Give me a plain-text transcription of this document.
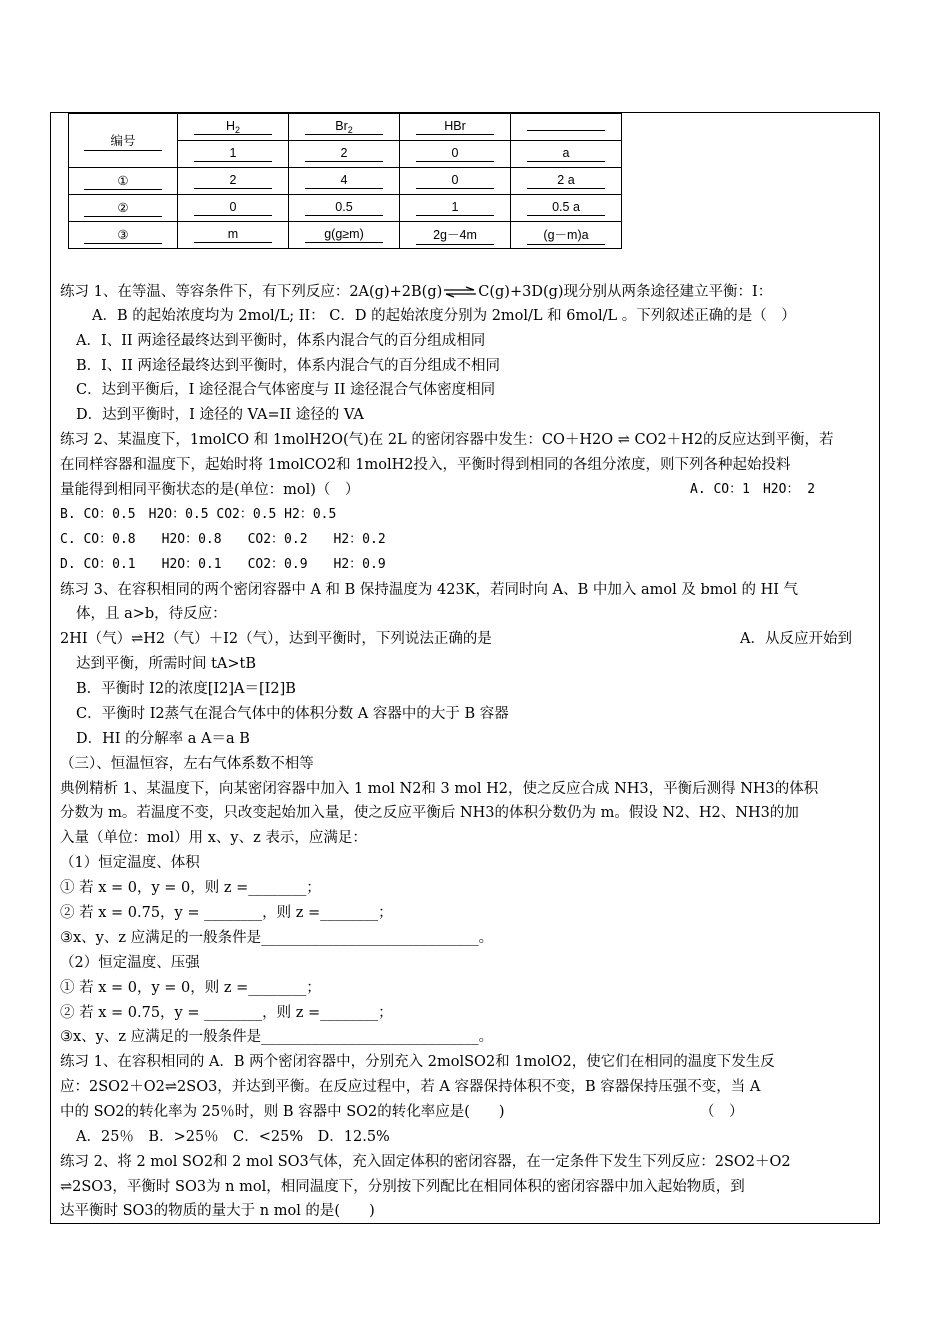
编号	$H_2$	$Br_2$	HBr	
	1	2	0	a
①	2	4	0	2 a
②	0	0.5	1	0.5 a
③	m	g(g≥m)	2g－4m	(g－m)a
练习 1、在等温、等容条件下，有下列反应：2A(g)+2B(g)⇌C(g)+3D(g)现分别从两条途径建立平衡：I：
A．B 的起始浓度均为 2mol/L; II： C．D 的起始浓度分别为 2mol/L 和 6mol/L 。下列叙述正确的是（　）
A．I、II 两途径最终达到平衡时，体系内混合气的百分组成相同
B．I、II 两途径最终达到平衡时，体系内混合气的百分组成不相同
C．达到平衡后，I 途径混合气体密度与 II 途径混合气体密度相同
D．达到平衡时，I 途径的 VA=II 途径的 VA
练习 2、某温度下，1molCO 和 1molH2O(气)在 2L 的密闭容器中发生：CO＋H2O ⇌ CO2＋H2的反应达到平衡，若
在同样容器和温度下，起始时将 1molCO2和 1molH2投入，平衡时得到相同的各组分浓度，则下列各种起始投料
量能得到相同平衡状态的是(单位：mol)（　）	A. CO：1　H2O： 2
B. CO：0.5　H2O：0.5 CO2：0.5 H2：0.5
C. CO：0.8　　H2O：0.8　　CO2：0.2　　H2：0.2
D. CO：0.1　　H2O：0.1　　CO2：0.9　　H2：0.9
练习 3、在容积相同的两个密闭容器中 A 和 B 保持温度为 423K，若同时向 A、B 中加入 amol 及 bmol 的 HI 气
体，且 a>b，待反应：
2HI（气）⇌H2（气）＋I2（气），达到平衡时，下列说法正确的是	A．从反应开始到
达到平衡，所需时间 tA>tB
B．平衡时 I2的浓度[I2]A＝[I2]B
C．平衡时 I2蒸气在混合气体中的体积分数 A 容器中的大于 B 容器
D．HI 的分解率 a A＝a B
（三）、恒温恒容，左右气体系数不相等
典例精析 1、某温度下，向某密闭容器中加入 1 mol N2和 3 mol H2，使之反应合成 NH3，平衡后测得 NH3的体积
分数为 m。若温度不变，只改变起始加入量，使之反应平衡后 NH3的体积分数仍为 m。假设 N2、H2、NH3的加
入量（单位：mol）用 x、y、z 表示，应满足：
（1）恒定温度、体积
① 若 x = 0，y = 0，则 z =________；
② 若 x = 0.75，y = ________，则 z =________；
③x、y、z 应满足的一般条件是______________________________。
（2）恒定温度、压强
① 若 x = 0，y = 0，则 z =________；
② 若 x = 0.75，y = ________，则 z =________；
③x、y、z 应满足的一般条件是______________________________。
练习 1、在容积相同的 A．B 两个密闭容器中，分别充入 2molSO2和 1molO2，使它们在相同的温度下发生反
应：2SO2＋O2⇌2SO3，并达到平衡。在反应过程中，若 A 容器保持体积不变，B 容器保持压强不变，当 A
中的 SO2的转化率为 25％时，则 B 容器中 SO2的转化率应是(　　)	（　）
A．25％　B．>25％　C．<25%　D．12.5%
练习 2、将 2 mol SO2和 2 mol SO3气体，充入固定体积的密闭容器，在一定条件下发生下列反应：2SO2＋O2
⇌2SO3，平衡时 SO3为 n mol，相同温度下，分别按下列配比在相同体积的密闭容器中加入起始物质，到
达平衡时 SO3的物质的量大于 n mol 的是(　　)
